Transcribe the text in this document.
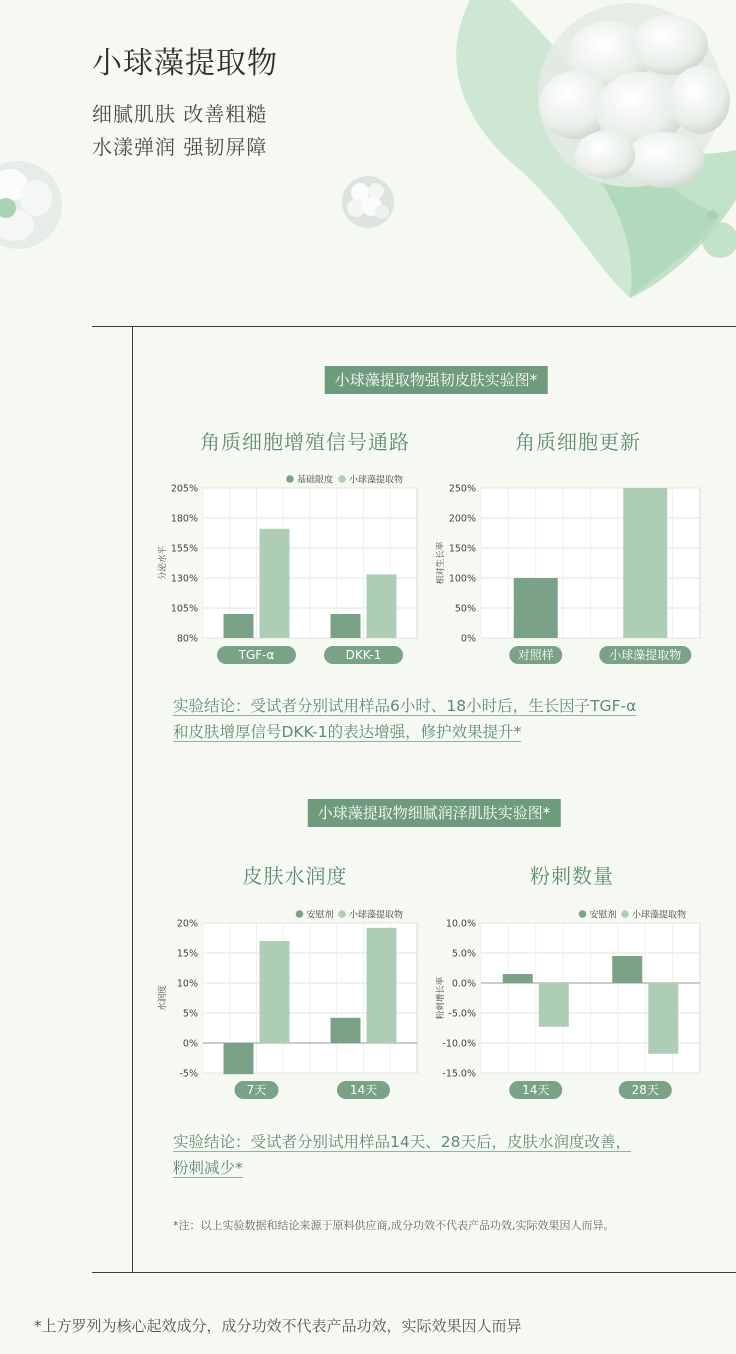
小球藻提取物
细腻肌肤 改善粗糙
水漾弹润 强韧屏障
小球藻提取物强韧皮肤实验图*
角质细胞增殖信号通路	角质细胞更新
80%
105%
130%
155%
180%
205%
分泌水平
TGF-α	DKK-1
基础限度 小球藻提取物
0%
50%
100%
150%
200%
250%
相对生长率
对照样	小球藻提取物
实验结论：受试者分别试用样品6小时、18小时后，生长因子TGF-α
和皮肤增厚信号DKK-1的表达增强，修护效果提升*
小球藻提取物细腻润泽肌肤实验图*
皮肤水润度	粉刺数量
-5%
0%
5%
10%
15%
20%
水润度
7天	14天
安慰剂 小球藻提取物
-15.0%
-10.0%
-5.0%
0.0%
5.0%
10.0%
粉刺增长率
14天	28天
安慰剂 小球藻提取物
实验结论：受试者分别试用样品14天、28天后，皮肤水润度改善，
粉刺减少*
*注：以上实验数据和结论来源于原料供应商,成分功效不代表产品功效,实际效果因人而异。
*上方罗列为核心起效成分，成分功效不代表产品功效，实际效果因人而异
